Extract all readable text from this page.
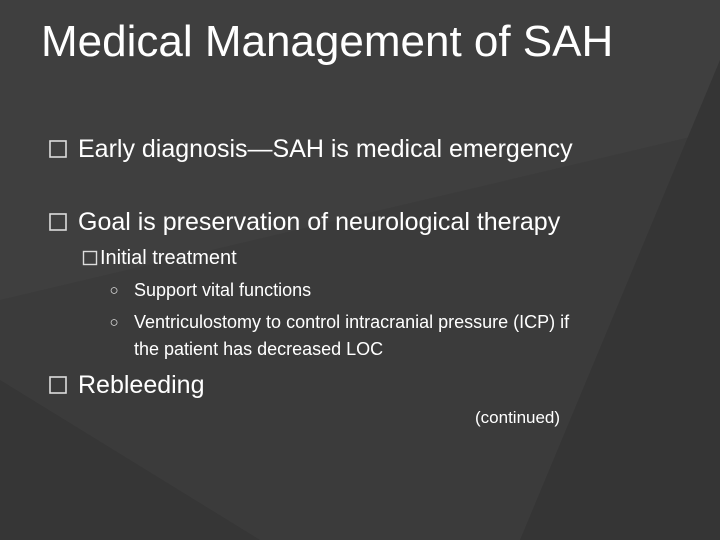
Medical Management of SAH
Early diagnosis—SAH is medical emergency
Goal is preservation of neurological therapy
Initial treatment
○ Support vital functions
○ Ventriculostomy to control intracranial pressure (ICP) if the patient has decreased LOC
Rebleeding
(continued)
